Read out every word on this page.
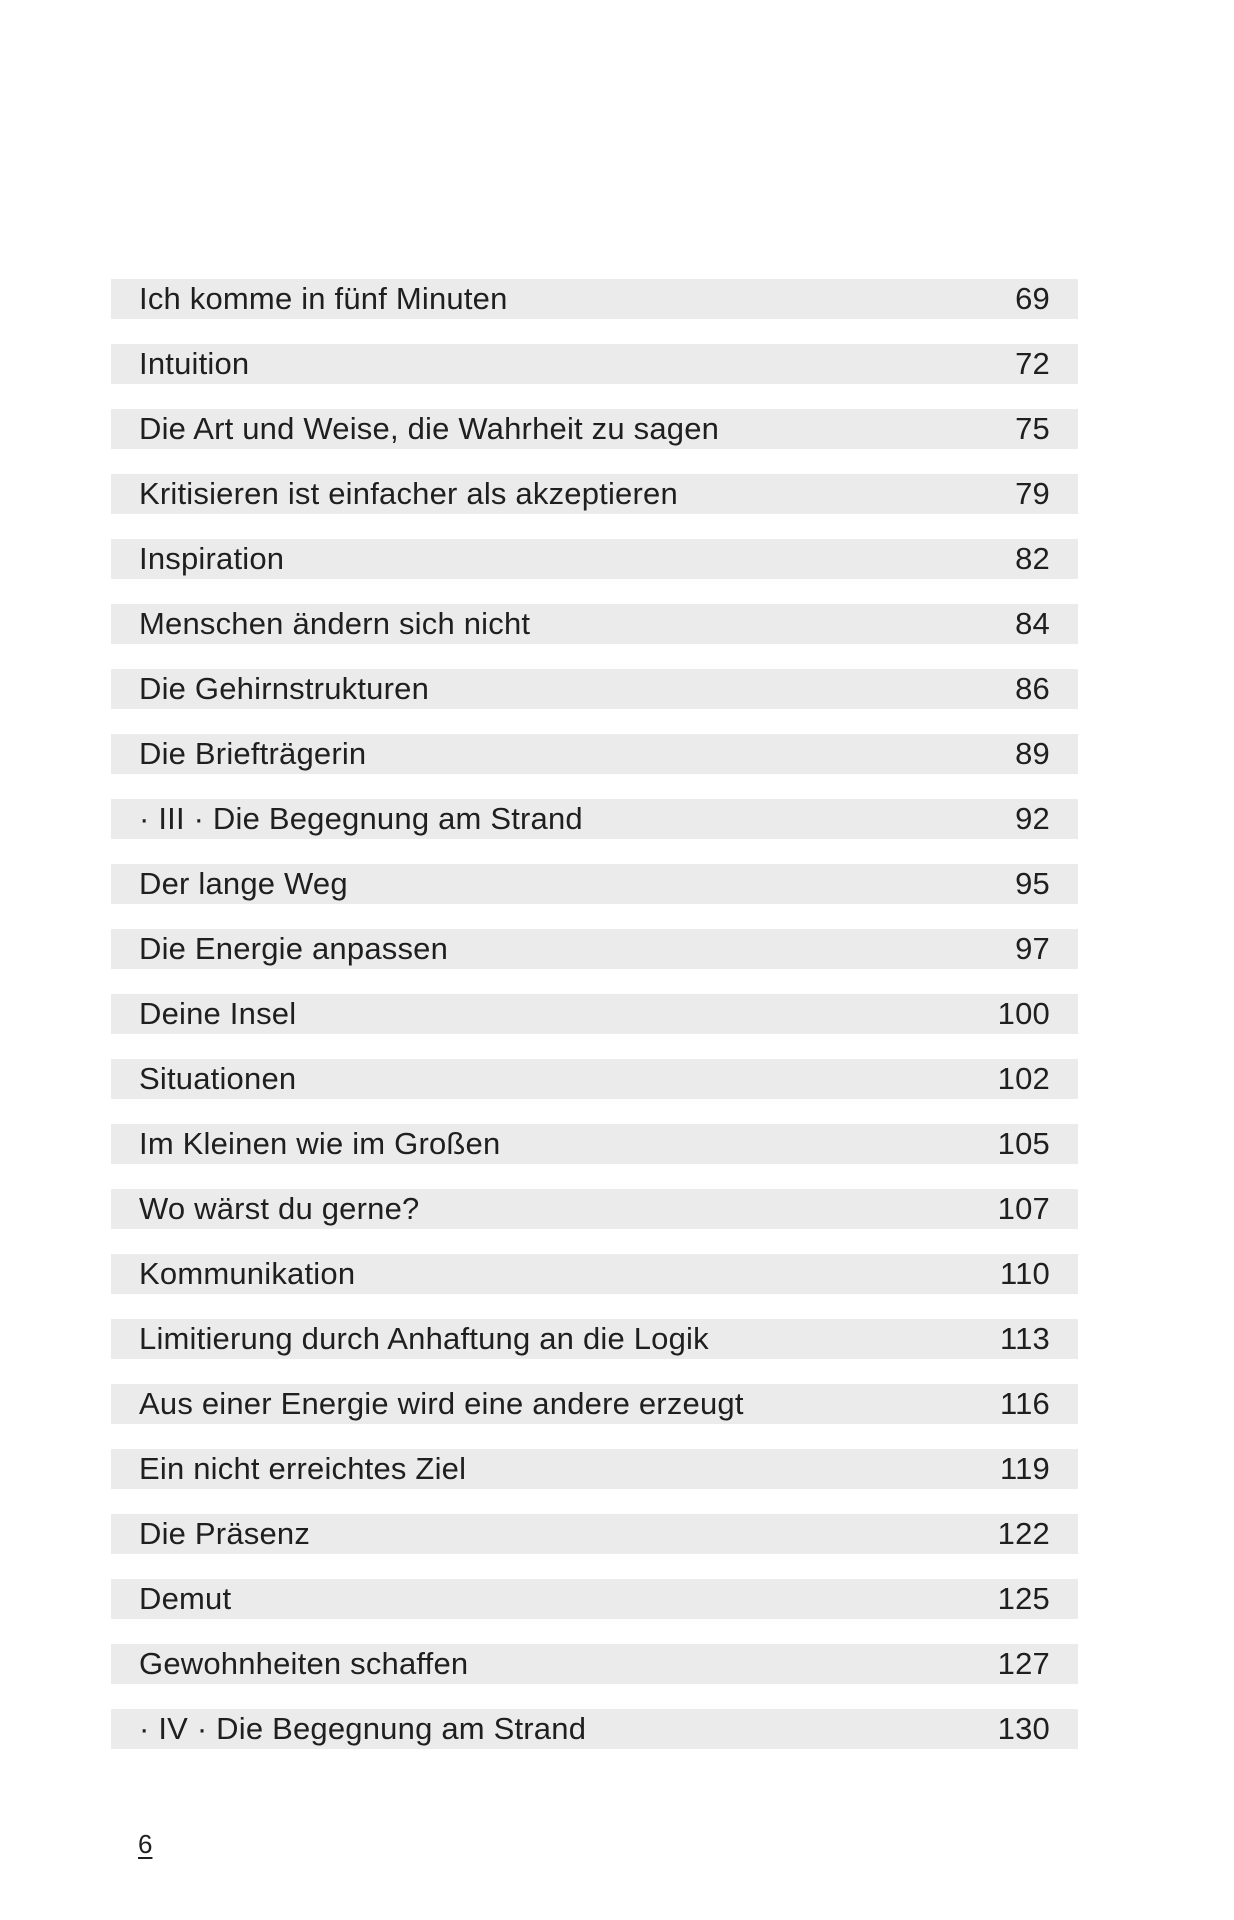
Ich komme in fünf Minuten	69
Intuition	72
Die Art und Weise, die Wahrheit zu sagen	75
Kritisieren ist einfacher als akzeptieren	79
Inspiration	82
Menschen ändern sich nicht	84
Die Gehirnstrukturen	86
Die Briefträgerin	89
· III · Die Begegnung am Strand	92
Der lange Weg	95
Die Energie anpassen	97
Deine Insel	100
Situationen	102
Im Kleinen wie im Großen	105
Wo wärst du gerne?	107
Kommunikation	110
Limitierung durch Anhaftung an die Logik	113
Aus einer Energie wird eine andere erzeugt	116
Ein nicht erreichtes Ziel	119
Die Präsenz	122
Demut	125
Gewohnheiten schaffen	127
· IV · Die Begegnung am Strand	130
6
